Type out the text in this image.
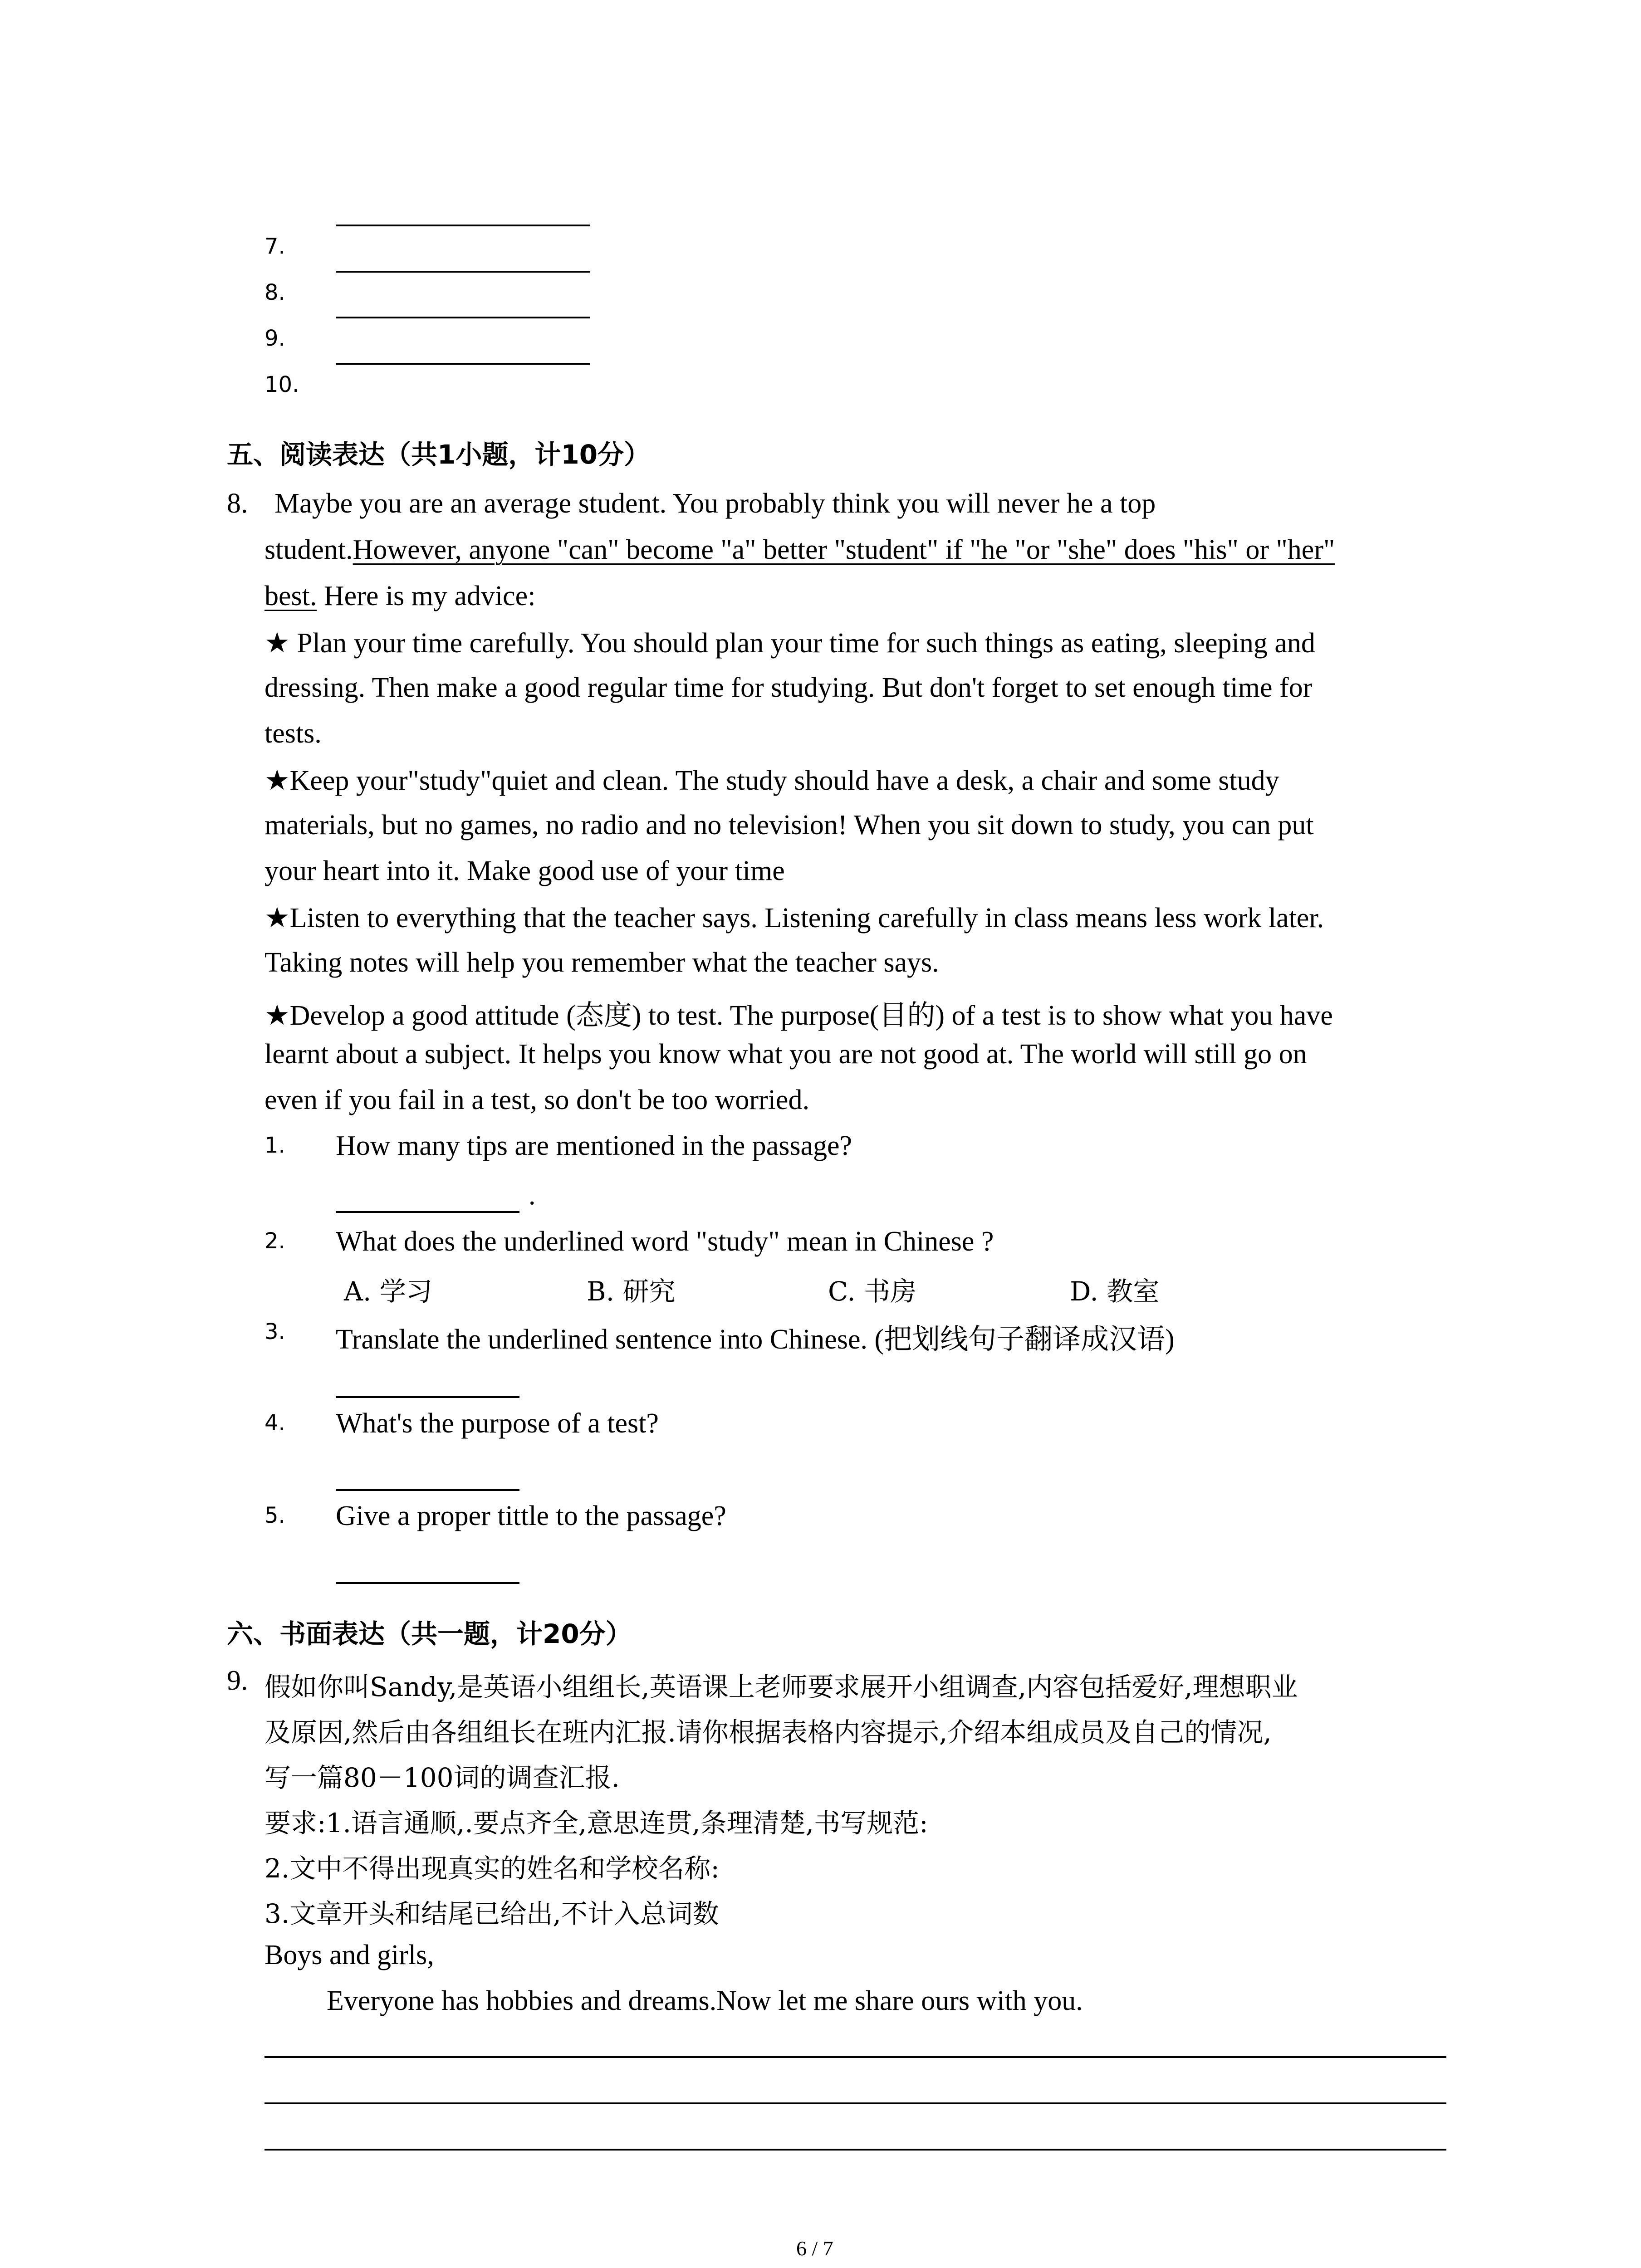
7.
8.
9.
10.
五、阅读表达（共1小题，计10分）
8. Maybe you are an average student. You probably think you will never he a top
student.However, anyone "can" become "a" better "student" if "he "or "she" does "his" or "her"
best. Here is my advice:
★ Plan your time carefully. You should plan your time for such things as eating, sleeping and
dressing. Then make a good regular time for studying. But don't forget to set enough time for
tests.
★Keep your"study"quiet and clean. The study should have a desk, a chair and some study
materials, but no games, no radio and no television! When you sit down to study, you can put
your heart into it. Make good use of your time
★Listen to everything that the teacher says. Listening carefully in class means less work later.
Taking notes will help you remember what the teacher says.
★Develop a good attitude (态度) to test. The purpose(目的) of a test is to show what you have
learnt about a subject. It helps you know what you are not good at. The world will still go on
even if you fail in a test, so don't be too worried.
1. How many tips are mentioned in the passage?
.
2. What does the underlined word "study" mean in Chinese ?
A. 学习	B. 研究	C. 书房	D. 教室
3. Translate the underlined sentence into Chinese. (把划线句子翻译成汉语)
4. What's the purpose of a test?
5. Give a proper tittle to the passage?
六、书面表达（共一题，计20分）
9. 假如你叫Sandy,是英语小组组长,英语课上老师要求展开小组调查,内容包括爱好,理想职业
及原因,然后由各组组长在班内汇报.请你根据表格内容提示,介绍本组成员及自己的情况,
写一篇80－100词的调查汇报.
要求:1.语言通顺,.要点齐全,意思连贯,条理清楚,书写规范:
2.文中不得出现真实的姓名和学校名称:
3.文章开头和结尾已给出,不计入总词数
Boys and girls,
Everyone has hobbies and dreams.Now let me share ours with you.
6 / 7
